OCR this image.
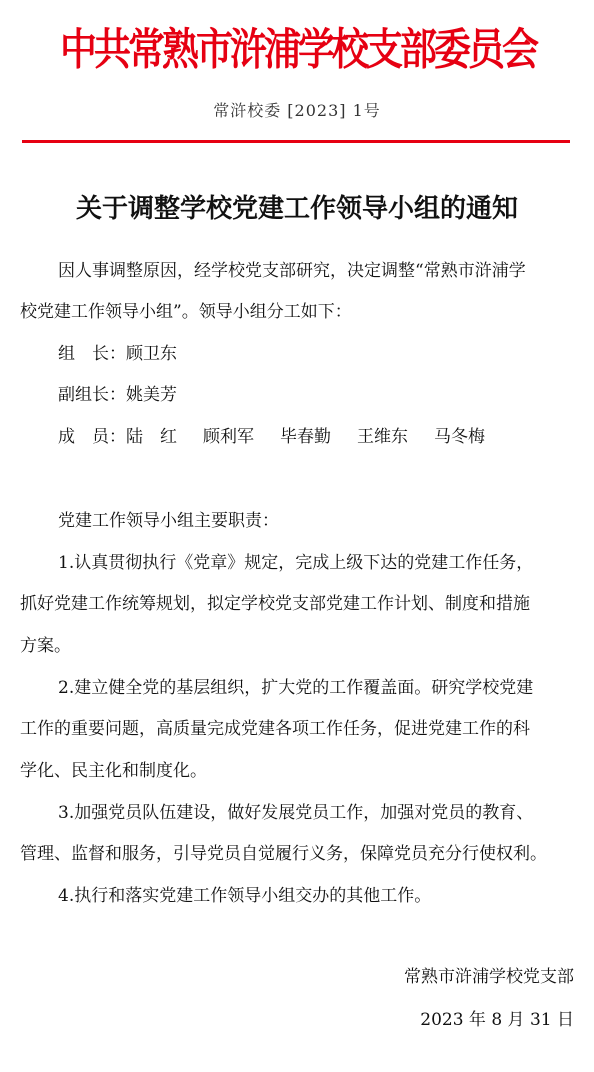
中共常熟市浒浦学校支部委员会
常浒校委 [2023] 1号
关于调整学校党建工作领导小组的通知
因人事调整原因，经学校党支部研究，决定调整“常熟市浒浦学
校党建工作领导小组”。领导小组分工如下：
组　长：顾卫东
副组长：姚美芳
成　员：陆　红 顾利军 毕春勤 王维东 马冬梅
党建工作领导小组主要职责：
1.认真贯彻执行《党章》规定，完成上级下达的党建工作任务，
抓好党建工作统筹规划，拟定学校党支部党建工作计划、制度和措施
方案。
2.建立健全党的基层组织，扩大党的工作覆盖面。研究学校党建
工作的重要问题，高质量完成党建各项工作任务，促进党建工作的科
学化、民主化和制度化。
3.加强党员队伍建设，做好发展党员工作，加强对党员的教育、
管理、监督和服务，引导党员自觉履行义务，保障党员充分行使权利。
4.执行和落实党建工作领导小组交办的其他工作。
常熟市浒浦学校党支部
2023 年 8 月 31 日
